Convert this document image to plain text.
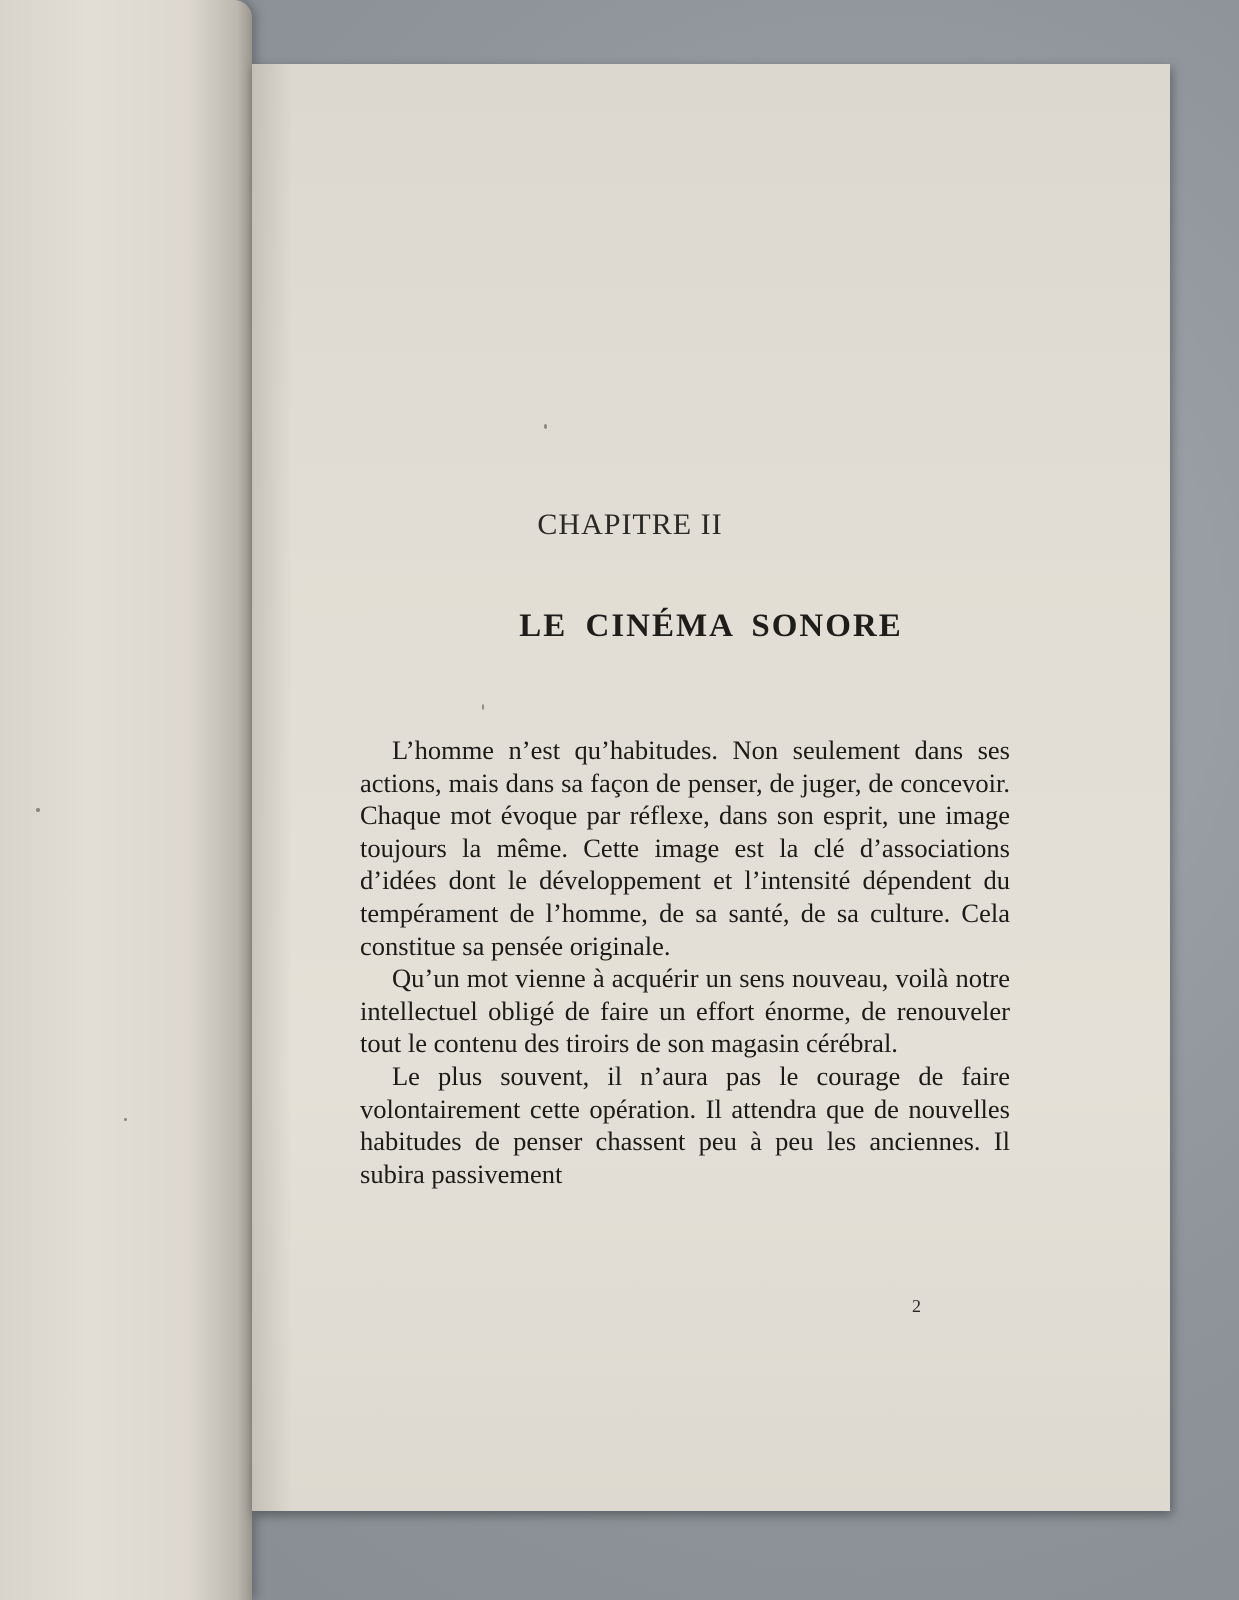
CHAPITRE II
LE CINÉMA SONORE

L’homme n’est qu’habitudes. Non seulement dans ses actions, mais dans sa façon de penser, de juger, de concevoir. Chaque mot évoque par réflexe, dans son esprit, une image toujours la même. Cette image est la clé d’associations d’idées dont le développement et l’intensité dépendent du tempérament de l’homme, de sa santé, de sa culture. Cela constitue sa pensée originale.

Qu’un mot vienne à acquérir un sens nouveau, voilà notre intellectuel obligé de faire un effort énorme, de renouveler tout le contenu des tiroirs de son magasin cérébral.

Le plus souvent, il n’aura pas le courage de faire volontairement cette opération. Il attendra que de nouvelles habitudes de penser chassent peu à peu les anciennes. Il subira passivement

2
